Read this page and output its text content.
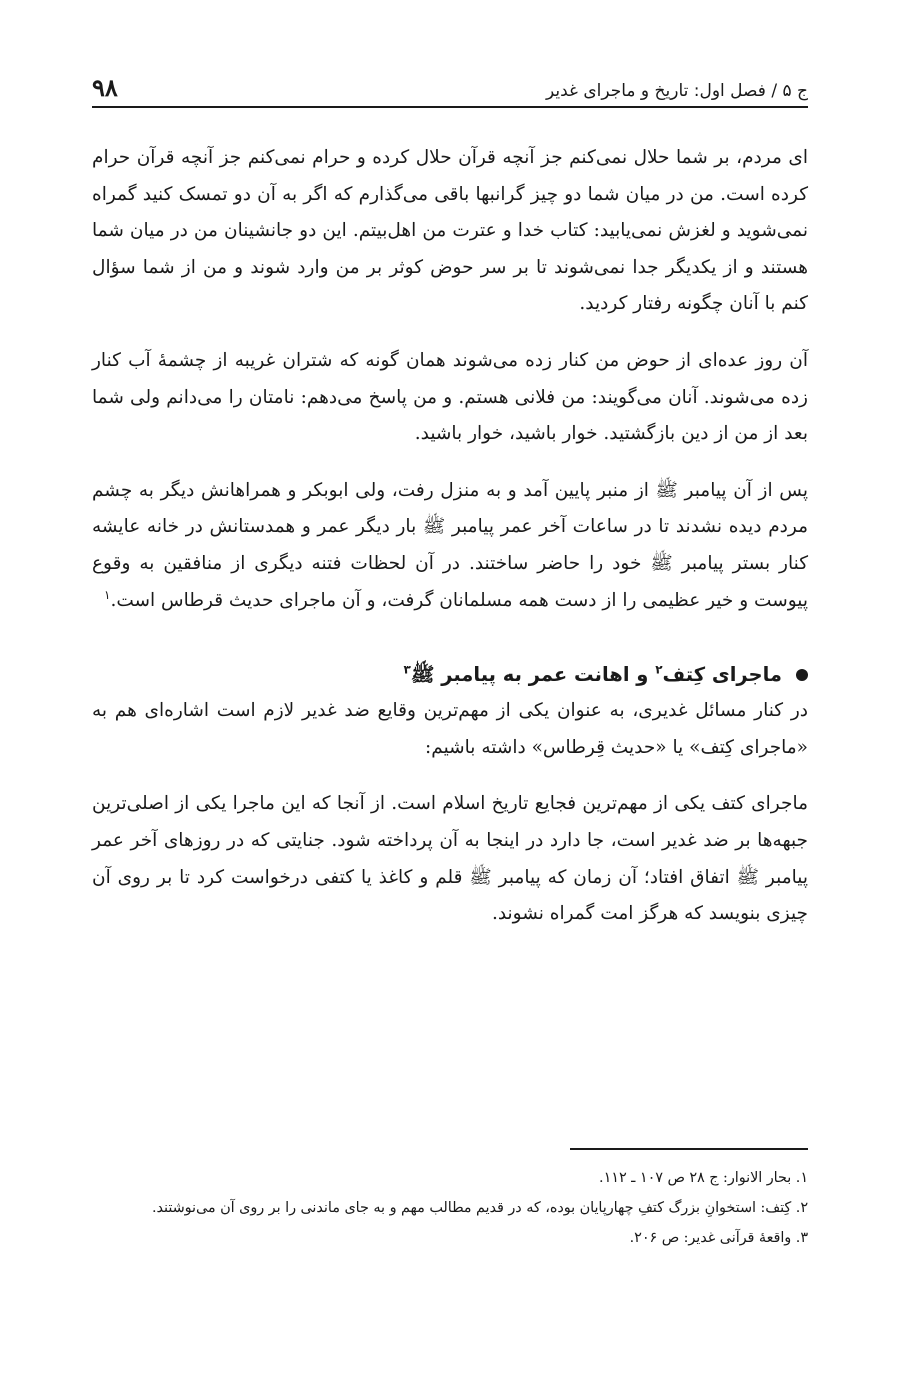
ج ۵ / فصل اول: تاریخ و ماجرای غدیر
۹۸

ای مردم، بر شما حلال نمی‌کنم جز آنچه قرآن حلال کرده و حرام نمی‌کنم جز آنچه قرآن حرام کرده است. من در میان شما دو چیز گرانبها باقی می‌گذارم که اگر به آن دو تمسک کنید گمراه نمی‌شوید و لغزش نمی‌یابید: کتاب خدا و عترت من اهل‌بیتم. این دو جانشینان من در میان شما هستند و از یکدیگر جدا نمی‌شوند تا بر سر حوض کوثر بر من وارد شوند و من از شما سؤال کنم با آنان چگونه رفتار کردید.

آن روز عده‌ای از حوض من کنار زده می‌شوند همان گونه که شتران غریبه از چشمهٔ آب کنار زده می‌شوند. آنان می‌گویند: من فلانی هستم. و من پاسخ می‌دهم: نامتان را می‌دانم ولی شما بعد از من از دین بازگشتید. خوار باشید، خوار باشید.

پس از آن پیامبر ﷺ از منبر پایین آمد و به منزل رفت، ولی ابوبکر و همراهانش دیگر به چشم مردم دیده نشدند تا در ساعات آخر عمر پیامبر ﷺ بار دیگر عمر و همدستانش در خانه عایشه کنار بستر پیامبر ﷺ خود را حاضر ساختند. در آن لحظات فتنه دیگری از منافقین به وقوع پیوست و خیر عظیمی را از دست همه مسلمانان گرفت، و آن ماجرای حدیث قرطاس است.$^۱$

ماجرای کِتف$^۲$ و اهانت عمر به پیامبر ﷺ$^۳$

در کنار مسائل غدیری، به عنوان یکی از مهم‌ترین وقایع ضد غدیر لازم است اشاره‌ای هم به «ماجرای کِتف» یا «حدیث قِرطاس» داشته باشیم:

ماجرای کتف یکی از مهم‌ترین فجایع تاریخ اسلام است. از آنجا که این ماجرا یکی از اصلی‌ترین جبهه‌ها بر ضد غدیر است، جا دارد در اینجا به آن پرداخته شود. جنایتی که در روزهای آخر عمر پیامبر ﷺ اتفاق افتاد؛ آن زمان که پیامبر ﷺ قلم و کاغذ یا کتفی درخواست کرد تا بر روی آن چیزی بنویسد که هرگز امت گمراه نشوند.

۱. بحار الانوار: ج ۲۸ ص ۱۰۷ ـ ۱۱۲.

۲. کِتف: استخوانِ بزرگ کتفِ چهارپایان بوده، که در قدیم مطالب مهم و به جای ماندنی را بر روی آن می‌نوشتند.

۳. واقعهٔ قرآنی غدیر: ص ۲۰۶.
